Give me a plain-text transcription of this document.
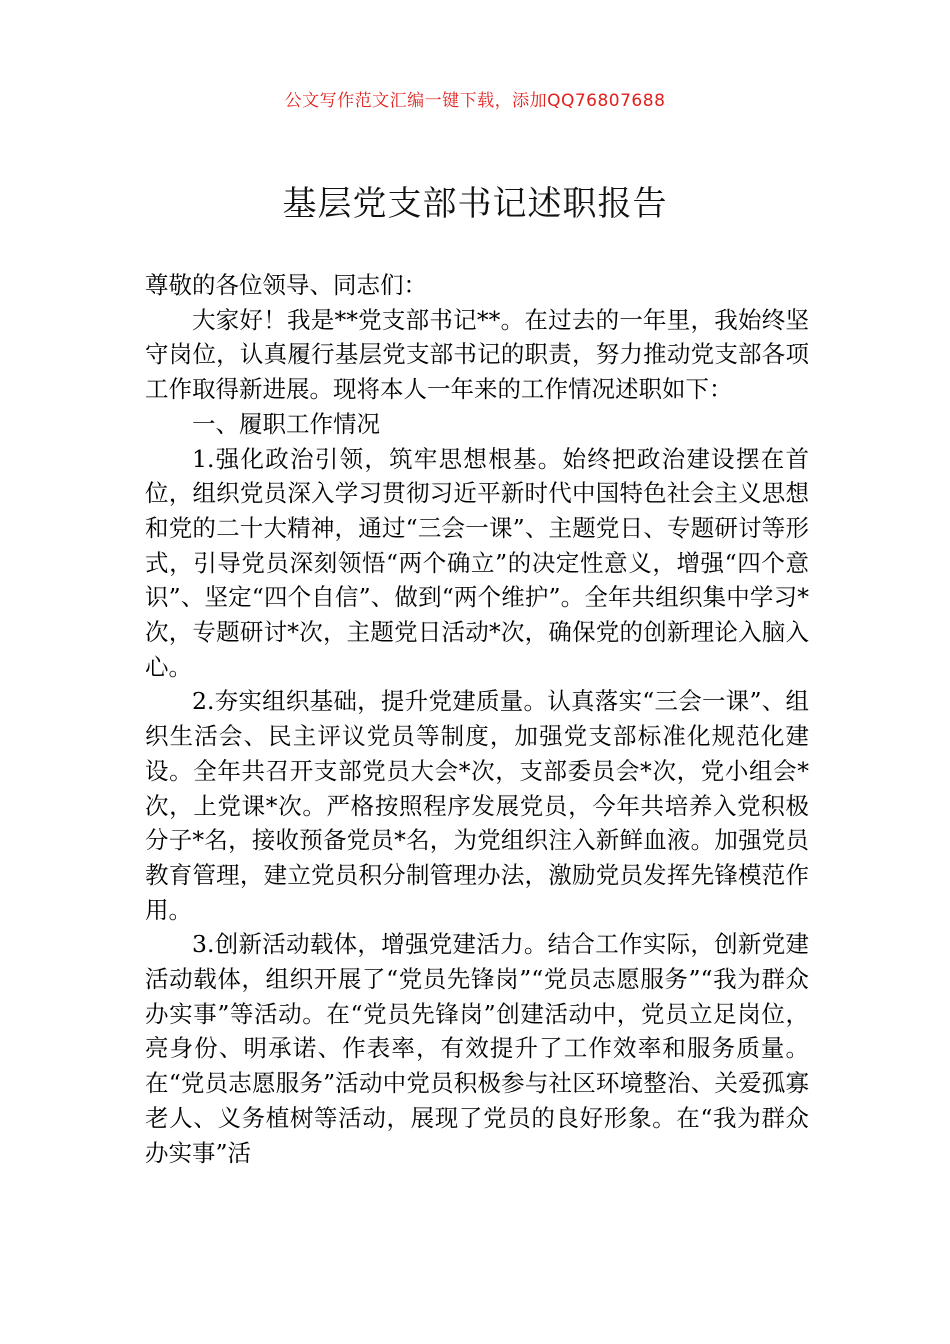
公文写作范文汇编一键下载，添加QQ76807688
基层党支部书记述职报告

尊敬的各位领导、同志们：

大家好！我是**党支部书记**。在过去的一年里，我始终坚守岗位，认真履行基层党支部书记的职责，努力推动党支部各项工作取得新进展。现将本人一年来的工作情况述职如下：

一、履职工作情况

1.强化政治引领，筑牢思想根基。始终把政治建设摆在首位，组织党员深入学习贯彻习近平新时代中国特色社会主义思想和党的二十大精神，通过“三会一课”、主题党日、专题研讨等形式，引导党员深刻领悟“两个确立”的决定性意义，增强“四个意识”、坚定“四个自信”、做到“两个维护”。全年共组织集中学习*次，专题研讨*次，主题党日活动*次，确保党的创新理论入脑入心。

2.夯实组织基础，提升党建质量。认真落实“三会一课”、组织生活会、民主评议党员等制度，加强党支部标准化规范化建设。全年共召开支部党员大会*次，支部委员会*次，党小组会*次，上党课*次。严格按照程序发展党员，今年共培养入党积极分子*名，接收预备党员*名，为党组织注入新鲜血液。加强党员教育管理，建立党员积分制管理办法，激励党员发挥先锋模范作用。

3.创新活动载体，增强党建活力。结合工作实际，创新党建活动载体，组织开展了“党员先锋岗”“党员志愿服务”“我为群众办实事”等活动。在“党员先锋岗”创建活动中，党员立足岗位，亮身份、明承诺、作表率，有效提升了工作效率和服务质量。在“党员志愿服务”活动中党员积极参与社区环境整治、关爱孤寡老人、义务植树等活动，展现了党员的良好形象。在“我为群众办实事”活
